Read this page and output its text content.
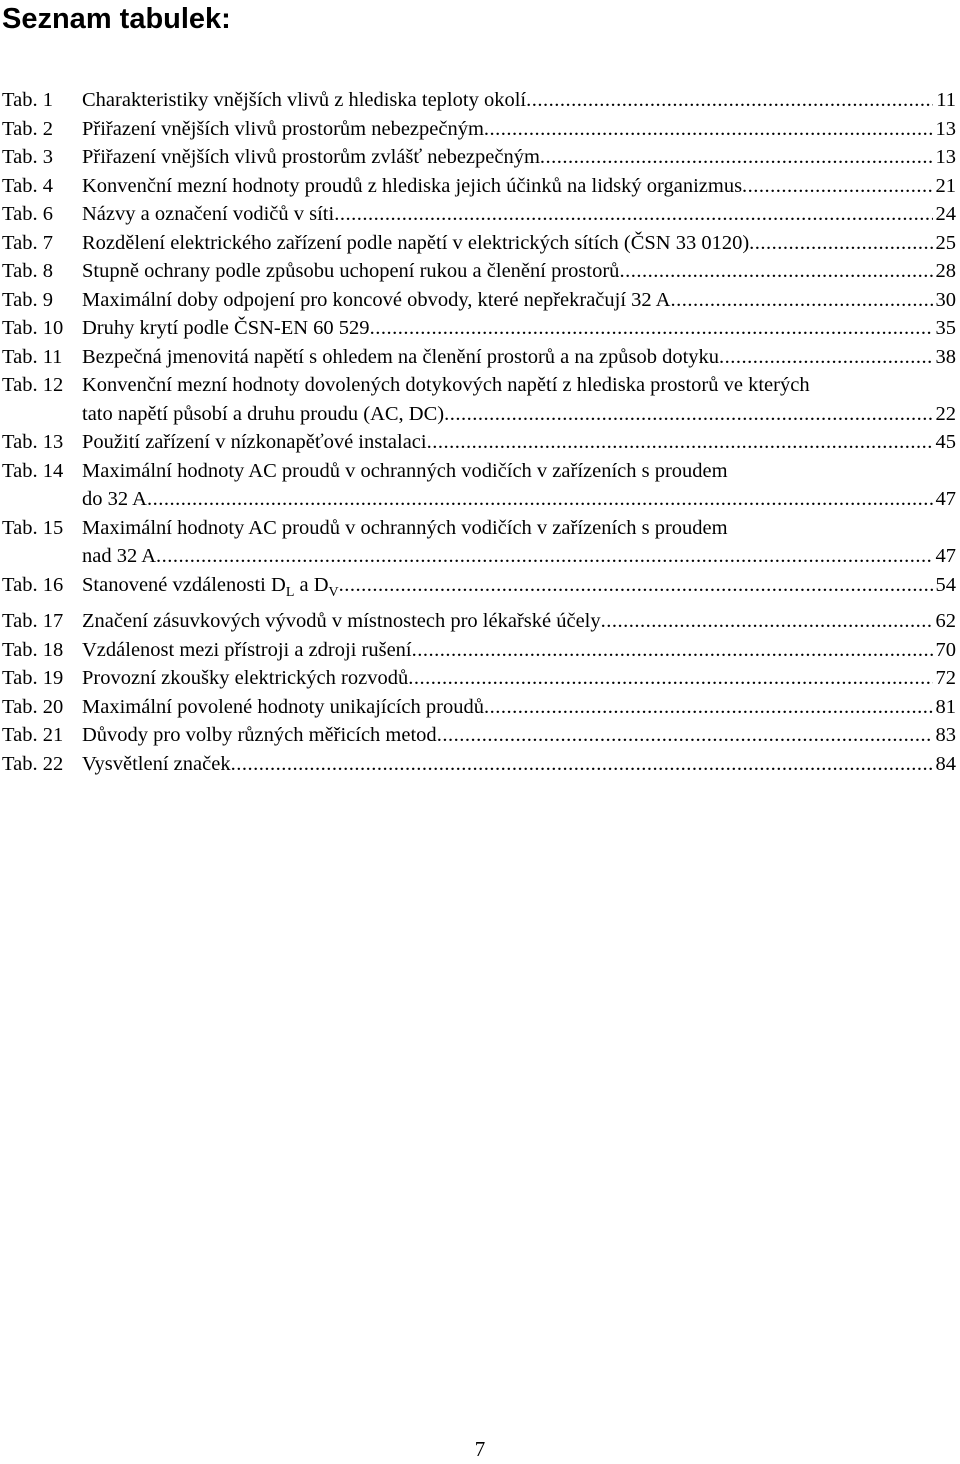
Seznam tabulek:
Tab. 1	Charakteristiky vnějších vlivů z hlediska teploty okolí .....	11
Tab. 2	Přiřazení vnějších vlivů prostorům nebezpečným .....	13
Tab. 3	Přiřazení vnějších vlivů prostorům zvlášť nebezpečným .....	13
Tab. 4	Konvenční mezní hodnoty proudů z hlediska jejich účinků na lidský organizmus .....	21
Tab. 6	Názvy a označení vodičů v síti .....	24
Tab. 7	Rozdělení elektrického zařízení podle napětí v elektrických sítích (ČSN 33 0120) .....	25
Tab. 8	Stupně ochrany podle způsobu uchopení rukou a členění prostorů .....	28
Tab. 9	Maximální doby odpojení pro koncové obvody, které nepřekračují 32 A .....	30
Tab. 10 Druhy krytí podle ČSN-EN 60 529 .....	35
Tab. 11 Bezpečná jmenovitá napětí s ohledem na členění prostorů a na způsob dotyku .....	38
Tab. 12 Konvenční mezní hodnoty dovolených dotykových napětí z hlediska prostorů ve kterých
tato napětí působí a druhu proudu (AC, DC) .....	22
Tab. 13 Použití zařízení v nízkonapěťové instalaci .....	45
Tab. 14 Maximální hodnoty AC proudů v ochranných vodičích v zařízeních s proudem
do 32 A .....	47
Tab. 15 Maximální hodnoty AC proudů v ochranných vodičích v zařízeních s proudem
nad 32 A .....	47
Tab. 16 Stanovené vzdálenosti $D_L$ a $D_V$ .....	54
Tab. 17 Značení zásuvkových vývodů v místnostech pro lékařské účely .....	62
Tab. 18 Vzdálenost mezi přístroji a zdroji rušení .....	70
Tab. 19 Provozní zkoušky elektrických rozvodů .....	72
Tab. 20 Maximální povolené hodnoty unikajících proudů .....	81
Tab. 21 Důvody pro volby různých měřicích metod .....	83
Tab. 22 Vysvětlení značek .....	84
7
